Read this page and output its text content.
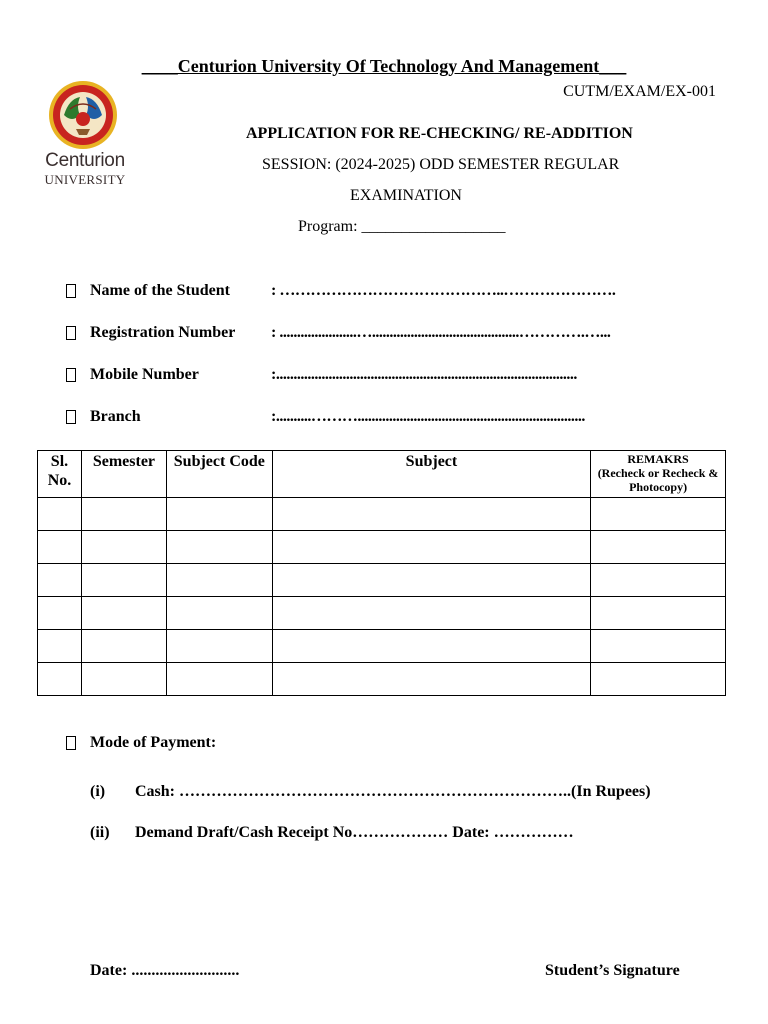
____Centurion University Of Technology And Management___
CUTM/EXAM/EX-001
Centurion
UNIVERSITY
APPLICATION FOR RE-CHECKING/ RE-ADDITION
SESSION: (2024-2025) ODD SEMESTER REGULAR
EXAMINATION
Program: __________________
Name of the Student	: ……………………………………..………………….
Registration Number : ......................…..........................................………….…...
Mobile Number	:......................................................................................
Branch	:..........……….................................................................
Sl. No.	Semester	Subject Code	Subject	REMAKRS
(Recheck or Recheck & Photocopy)

Mode of Payment:
(i) Cash: ………………………………………………………………..(In Rupees)
(ii) Demand Draft/Cash Receipt No……………… Date: ……………
Date: ...........................	Student’s Signature
